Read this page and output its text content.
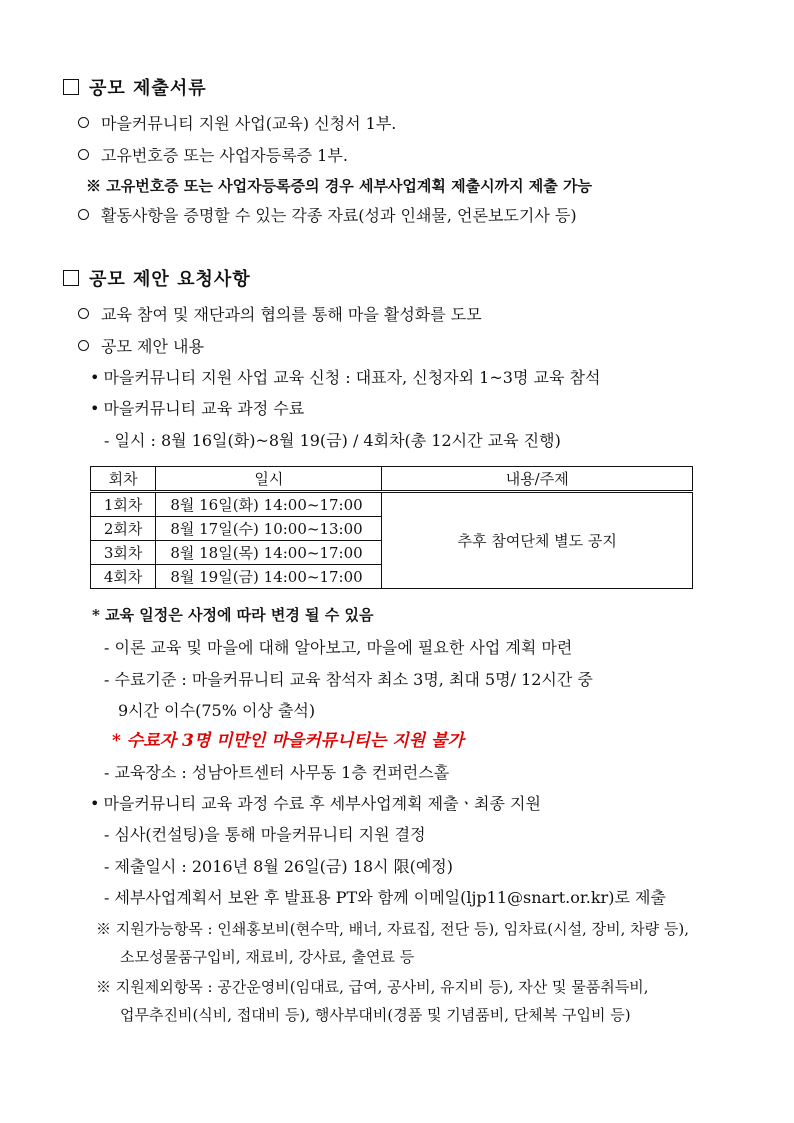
공모 제출서류
마을커뮤니티 지원 사업(교육) 신청서 1부.
고유번호증 또는 사업자등록증 1부.
※ 고유번호증 또는 사업자등록증의 경우 세부사업계획 제출시까지 제출 가능
활동사항을 증명할 수 있는 각종 자료(성과 인쇄물, 언론보도기사 등)
공모 제안 요청사항
교육 참여 및 재단과의 협의를 통해 마을 활성화를 도모
공모 제안 내용
• 마을커뮤니티 지원 사업 교육 신청 : 대표자, 신청자외 1~3명 교육 참석
• 마을커뮤니티 교육 과정 수료
- 일시 : 8월 16일(화)~8월 19(금) / 4회차(총 12시간 교육 진행)
회차	일시	내용/주제
1회차	8월 16일(화) 14:00~17:00	추후 참여단체 별도 공지
2회차	8월 17일(수) 10:00~13:00	
3회차	8월 18일(목) 14:00~17:00	
4회차	8월 19일(금) 14:00~17:00	
* 교육 일정은 사정에 따라 변경 될 수 있음
- 이론 교육 및 마을에 대해 알아보고, 마을에 필요한 사업 계획 마련
- 수료기준 : 마을커뮤니티 교육 참석자 최소 3명, 최대 5명/ 12시간 중
9시간 이수(75% 이상 출석)
* 수료자 3명 미만인 마을커뮤니티는 지원 불가
- 교육장소 : 성남아트센터 사무동 1층 컨퍼런스홀
• 마을커뮤니티 교육 과정 수료 후 세부사업계획 제출ㆍ최종 지원
- 심사(컨설팅)을 통해 마을커뮤니티 지원 결정
- 제출일시 : 2016년 8월 26일(금) 18시 限(예정)
- 세부사업계획서 보완 후 발표용 PT와 함께 이메일(ljp11@snart.or.kr)로 제출
※ 지원가능항목 : 인쇄홍보비(현수막, 배너, 자료집, 전단 등), 임차료(시설, 장비, 차량 등),
소모성물품구입비, 재료비, 강사료, 출연료 등
※ 지원제외항목 : 공간운영비(임대료, 급여, 공사비, 유지비 등), 자산 및 물품취득비,
업무추진비(식비, 접대비 등), 행사부대비(경품 및 기념품비, 단체복 구입비 등)
